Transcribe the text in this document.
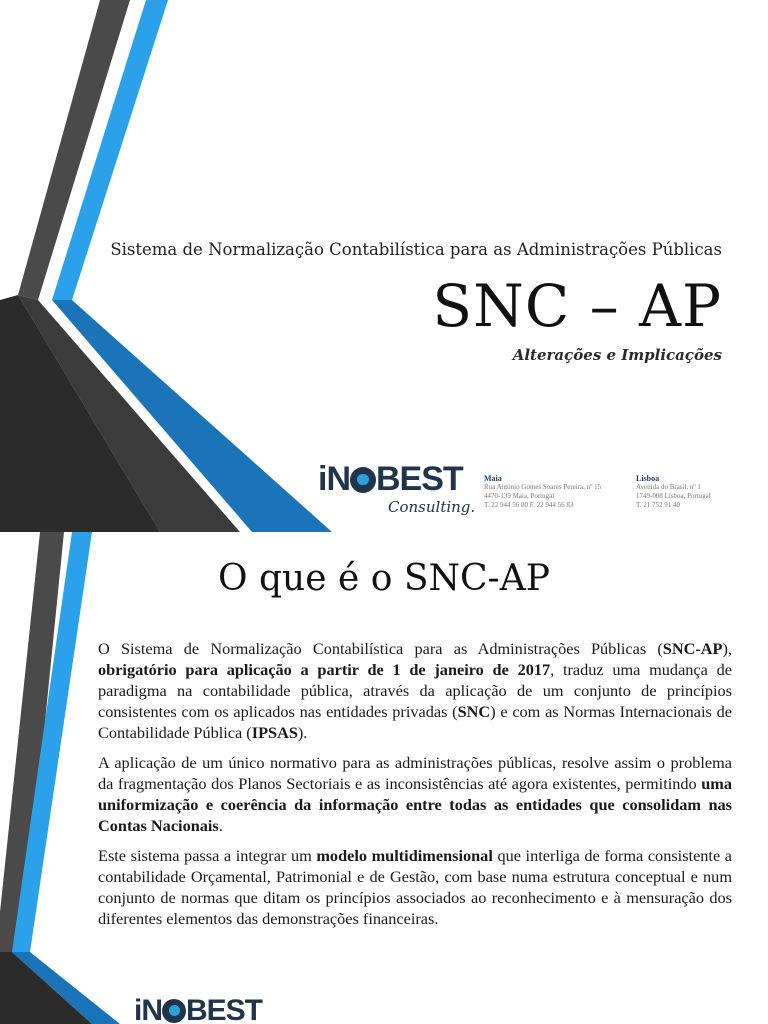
Sistema de Normalização Contabilística para as Administrações Públicas
SNC – AP
Alterações e Implicações
iN BEST
Consulting.
Maia
Rua António Gomes Soares Pereira, nº 15
4470-139 Maia, Portugal
T. 22 944 56 80 F. 22 944 56 83
Lisboa
Avenida do Brasil, nº 1
1749-008 Lisboa, Portugal
T. 21 752 91 40
O que é o SNC-AP

O Sistema de Normalização Contabilística para as Administrações Públicas (SNC-AP), obrigatório para aplicação a partir de 1 de janeiro de 2017, traduz uma mudança de paradigma na contabilidade pública, através da aplicação de um conjunto de princípios consistentes com os aplicados nas entidades privadas (SNC) e com as Normas Internacionais de Contabilidade Pública (IPSAS).

A aplicação de um único normativo para as administrações públicas, resolve assim o problema da fragmentação dos Planos Sectoriais e as inconsistências até agora existentes, permitindo uma uniformização e coerência da informação entre todas as entidades que consolidam nas Contas Nacionais.

Este sistema passa a integrar um modelo multidimensional que interliga de forma consistente a contabilidade Orçamental, Patrimonial e de Gestão, com base numa estrutura conceptual e num conjunto de normas que ditam os princípios associados ao reconhecimento e à mensuração dos diferentes elementos das demonstrações financeiras.

iN BEST
